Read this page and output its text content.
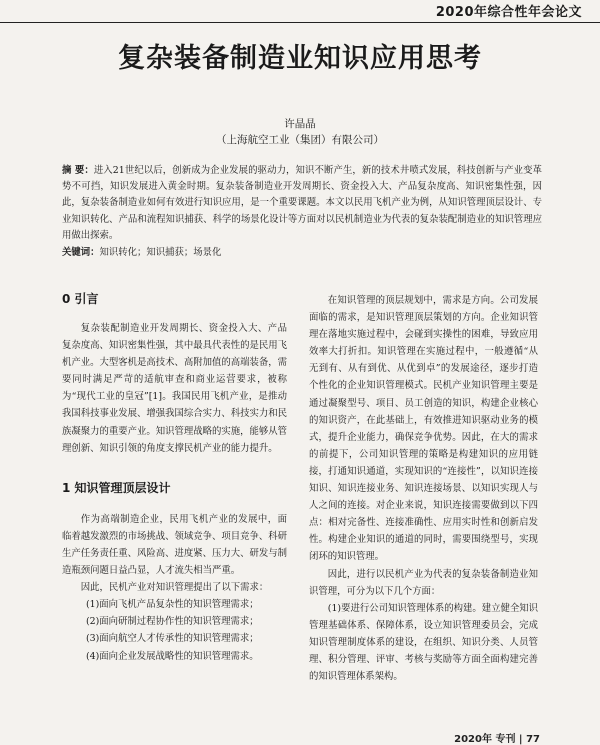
2020年综合性年会论文
复杂装备制造业知识应用思考
许晶晶
（上海航空工业（集团）有限公司）
摘 要：进入21世纪以后，创新成为企业发展的驱动力，知识不断产生，新的技术井喷式发展，科技创新与产业变革势不可挡，知识发展进入黄金时期。复杂装备制造业开发周期长、资金投入大、产品复杂度高、知识密集性强，因此，复杂装备制造业如何有效进行知识应用，是一个重要课题。本文以民用飞机产业为例，从知识管理顶层设计、专业知识转化、产品和流程知识捕获、科学的场景化设计等方面对以民机制造业为代表的复杂装配制造业的知识管理应用做出探索。
关键词：知识转化；知识捕获；场景化
0 引言

复杂装配制造业开发周期长、资金投入大、产品复杂度高、知识密集性强，其中最具代表性的是民用飞机产业。大型客机是高技术、高附加值的高端装备，需要同时满足严苛的适航审查和商业运营要求，被称为“现代工业的皇冠”[1]。我国民用飞机产业，是推动我国科技事业发展、增强我国综合实力、科技实力和民族凝聚力的重要产业。知识管理战略的实施，能够从管理创新、知识引领的角度支撑民机产业的能力提升。

1 知识管理顶层设计

作为高端制造企业，民用飞机产业的发展中，面临着越发激烈的市场挑战、领域竞争、项目竞争、科研生产任务责任重、风险高、进度紧、压力大、研发与制造瓶颈问题日益凸显，人才流失相当严重。

因此，民机产业对知识管理提出了以下需求：

(1)面向飞机产品复杂性的知识管理需求；

(2)面向研制过程协作性的知识管理需求；

(3)面向航空人才传承性的知识管理需求；

(4)面向企业发展战略性的知识管理需求。

在知识管理的顶层规划中，需求是方向。公司发展面临的需求，是知识管理顶层策划的方向。企业知识管理在落地实施过程中，会碰到实操性的困难，导致应用效率大打折扣。知识管理在实施过程中，一般遵循“从无到有、从有到优、从优到卓”的发展途径，逐步打造个性化的企业知识管理模式。民机产业知识管理主要是通过凝聚型号、项目、员工创造的知识，构建企业核心的知识资产，在此基础上，有效推进知识驱动业务的模式，提升企业能力，确保竞争优势。因此，在大的需求的前提下，公司知识管理的策略是构建知识的应用链接，打通知识通道，实现知识的“连接性”，以知识连接知识、知识连接业务、知识连接场景、以知识实现人与人之间的连接。对企业来说，知识连接需要做到以下四点：相对完备性、连接准确性、应用实时性和创新启发性。构建企业知识的通道的同时，需要围绕型号，实现闭环的知识管理。

因此，进行以民机产业为代表的复杂装备制造业知识管理，可分为以下几个方面：

(1)要进行公司知识管理体系的构建。建立健全知识管理基础体系、保障体系，设立知识管理委员会，完成知识管理制度体系的建设，在组织、知识分类、人员管理、积分管理、评审、考核与奖励等方面全面构建完善的知识管理体系架构。

2020年 专刊 | 77
